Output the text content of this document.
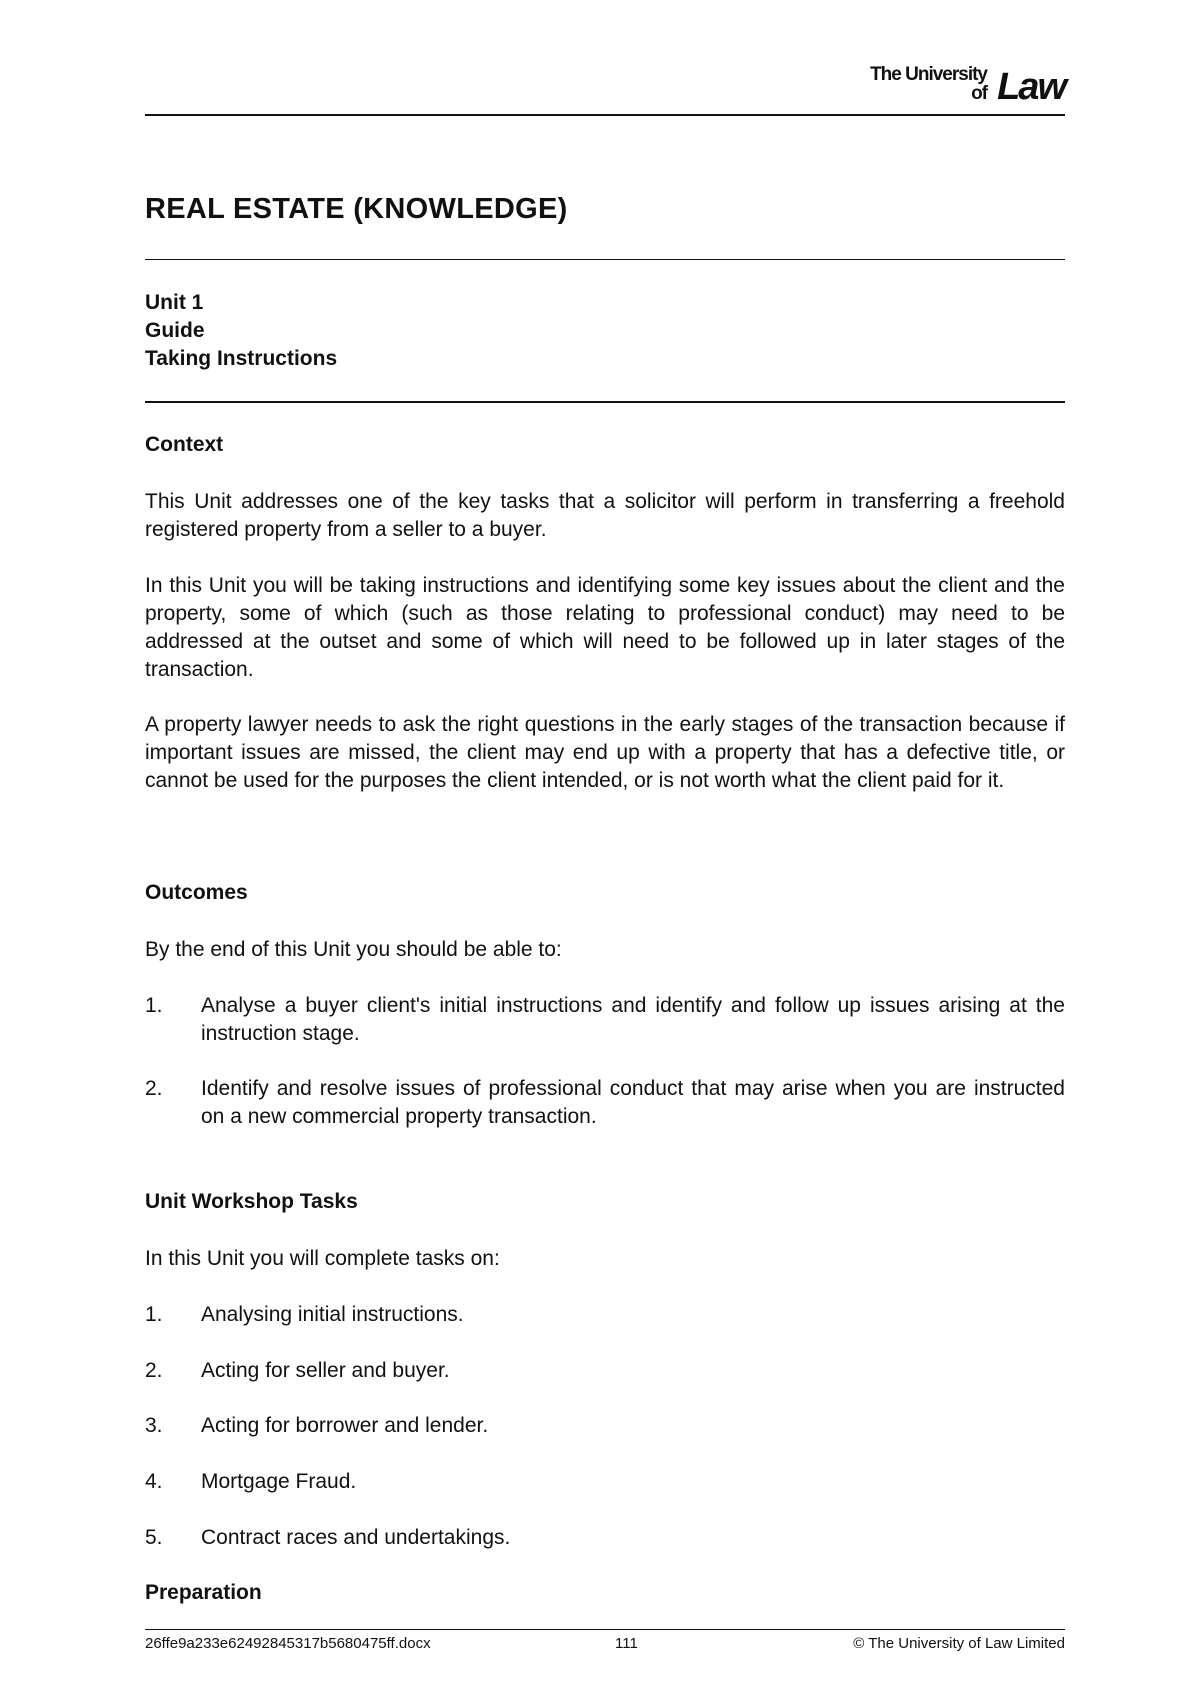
The University
of Law
REAL ESTATE (KNOWLEDGE)
Unit 1
Guide
Taking Instructions
Context

This Unit addresses one of the key tasks that a solicitor will perform in transferring a freehold registered property from a seller to a buyer.

In this Unit you will be taking instructions and identifying some key issues about the client and the property, some of which (such as those relating to professional conduct) may need to be addressed at the outset and some of which will need to be followed up in later stages of the transaction.

A property lawyer needs to ask the right questions in the early stages of the transaction because if important issues are missed, the client may end up with a property that has a defective title, or cannot be used for the purposes the client intended, or is not worth what the client paid for it.

Outcomes

By the end of this Unit you should be able to:

1. Analyse a buyer client's initial instructions and identify and follow up issues arising at the instruction stage.
2. Identify and resolve issues of professional conduct that may arise when you are instructed on a new commercial property transaction.
Unit Workshop Tasks

In this Unit you will complete tasks on:

1. Analysing initial instructions.
2. Acting for seller and buyer.
3. Acting for borrower and lender.
4. Mortgage Fraud.
5. Contract races and undertakings.
Preparation
26ffe9a233e62492845317b5680475ff.docx	111	© The University of Law Limited
